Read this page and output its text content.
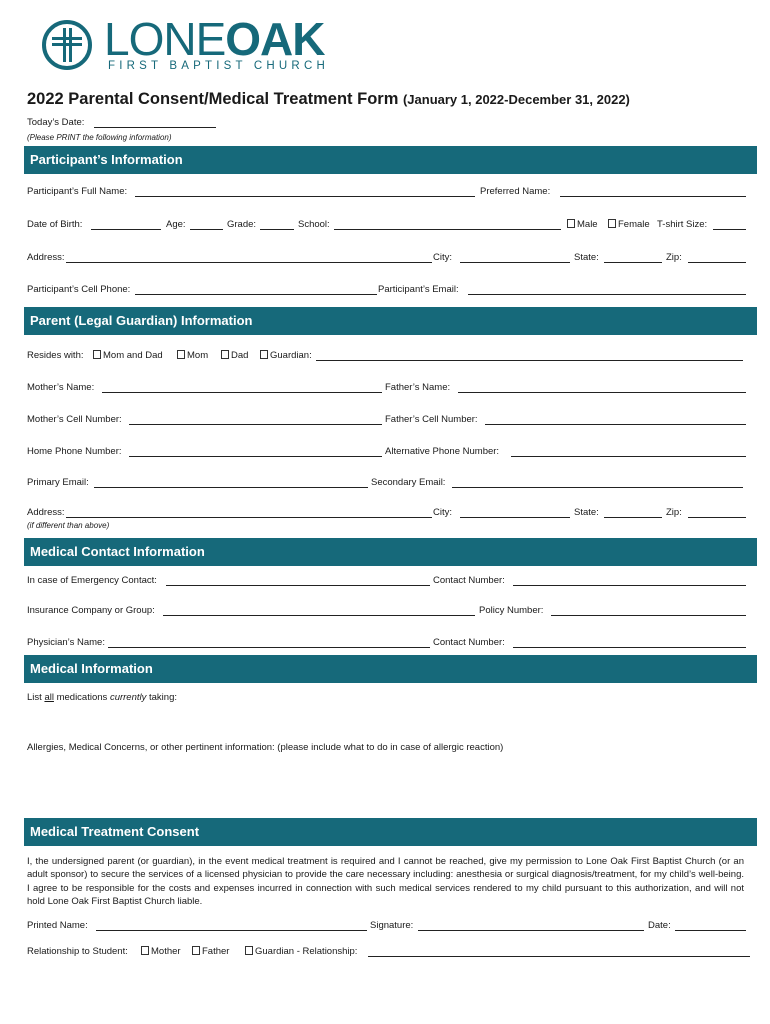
LONEOAK
FIRST BAPTIST CHURCH
2022 Parental Consent/Medical Treatment Form (January 1, 2022-December 31, 2022)
Today’s Date:
(Please PRINT the following information)
Participant’s Information
Participant’s Full Name:	Preferred Name:
Date of Birth:	Age:	Grade:	School:	Male	Female T-shirt Size:
Address:	City:	State:	Zip:
Participant’s Cell Phone:	Participant’s Email:
Parent (Legal Guardian) Information
Resides with:	Mom and Dad	Mom	Dad	Guardian:
Mother’s Name:	Father’s Name:
Mother’s Cell Number:	Father’s Cell Number:
Home Phone Number:	Alternative Phone Number:
Primary Email:	Secondary Email:
Address:	City:	State:	Zip:
(if different than above)
Medical Contact Information
In case of Emergency Contact:	Contact Number:
Insurance Company or Group:	Policy Number:
Physician’s Name:	Contact Number:
Medical Information
List all medications currently taking:
Allergies, Medical Concerns, or other pertinent information: (please include what to do in case of allergic reaction)
Medical Treatment Consent
I, the undersigned parent (or guardian), in the event medical treatment is required and I cannot be reached, give my permission to Lone Oak First Baptist Church (or an adult sponsor) to secure the services of a licensed physician to provide the care necessary including: anesthesia or surgical diagnosis/treatment, for my child’s well-being. I agree to be responsible for the costs and expenses incurred in connection with such medical services rendered to my child pursuant to this authorization, and will not hold Lone Oak First Baptist Church liable.
Printed Name:	Signature:	Date:
Relationship to Student:	Mother	Father	Guardian - Relationship:
